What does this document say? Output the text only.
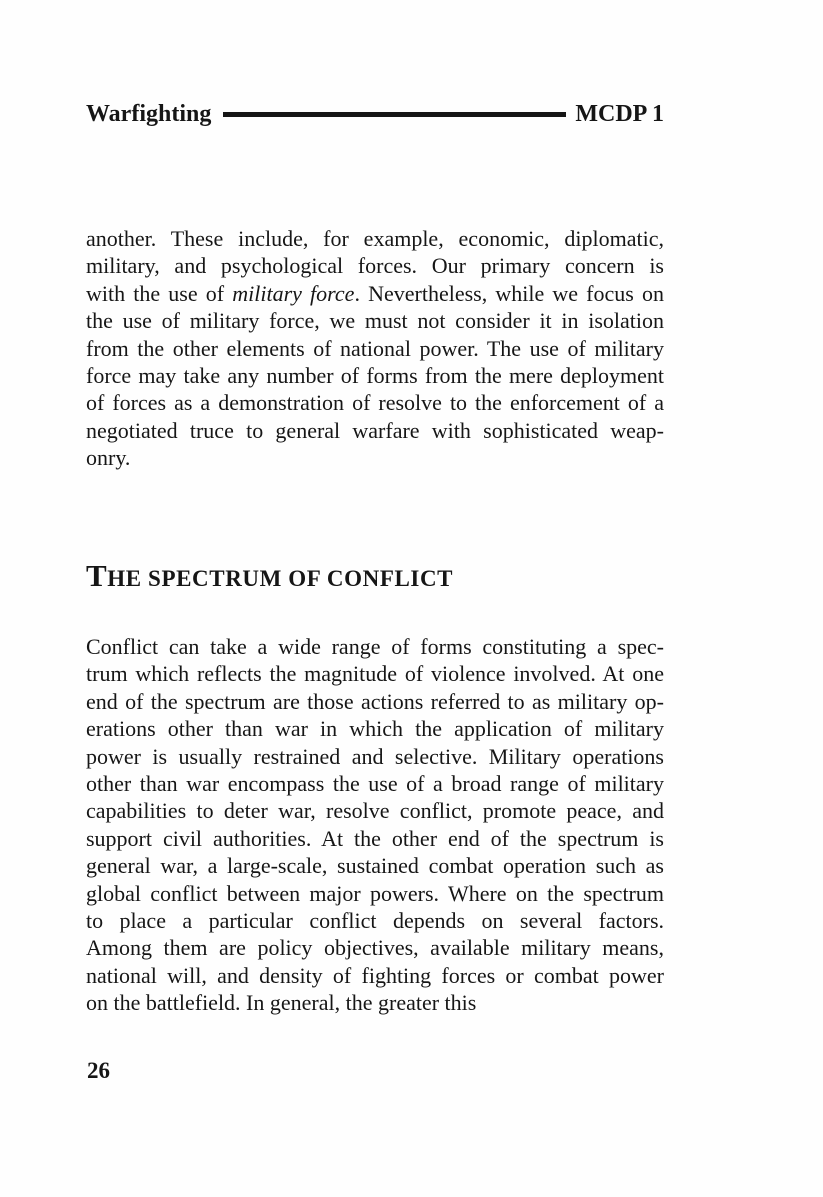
Warfighting	MCDP 1
another. These include, for example, economic, diplomatic,
military, and psychological forces. Our primary concern is
with the use of military force. Nevertheless, while we focus on
the use of military force, we must not consider it in isolation
from the other elements of national power. The use of military
force may take any number of forms from the mere deployment
of forces as a demonstration of resolve to the enforcement of a
negotiated truce to general warfare with sophisticated weap-
onry.
THE SPECTRUM OF CONFLICT
Conflict can take a wide range of forms constituting a spec-
trum which reflects the magnitude of violence involved. At one
end of the spectrum are those actions referred to as military op-
erations other than war in which the application of military
power is usually restrained and selective. Military operations
other than war encompass the use of a broad range of military
capabilities to deter war, resolve conflict, promote peace, and
support civil authorities. At the other end of the spectrum is
general war, a large-scale, sustained combat operation such as
global conflict between major powers. Where on the spectrum
to place a particular conflict depends on several factors.
Among them are policy objectives, available military means,
national will, and density of fighting forces or combat power
on the battlefield. In general, the greater this
26
